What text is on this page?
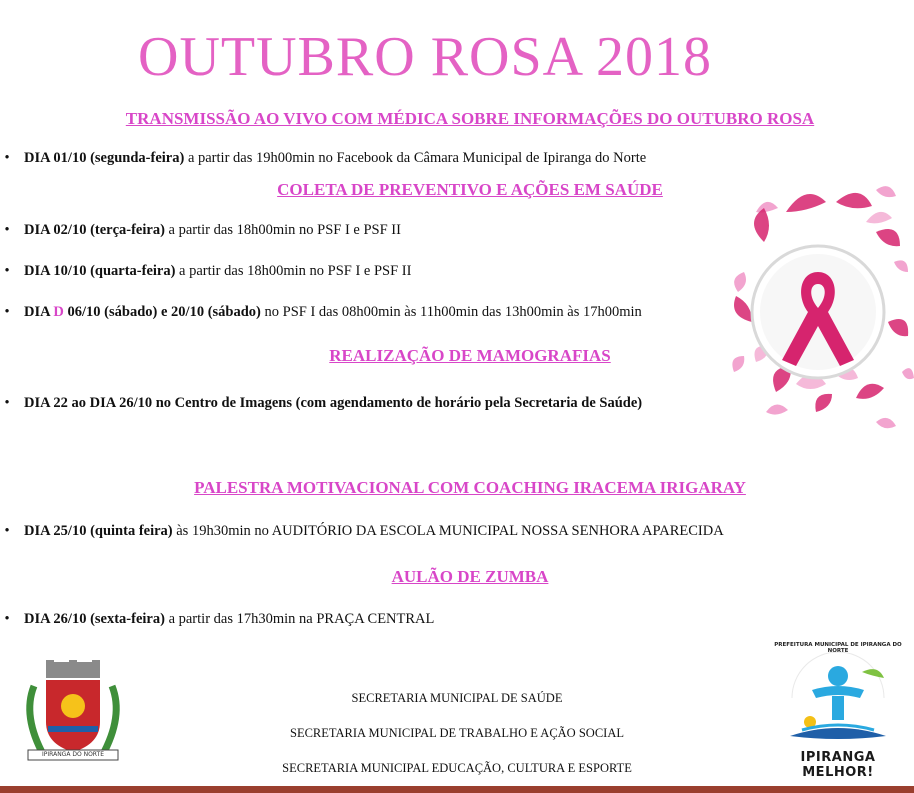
OUTUBRO ROSA 2018
TRANSMISSÃO AO VIVO COM MÉDICA SOBRE INFORMAÇÕES DO OUTUBRO ROSA
• DIA 01/10 (segunda-feira) a partir das 19h00min no Facebook da Câmara Municipal de Ipiranga do Norte
COLETA DE PREVENTIVO E AÇÕES EM SAÚDE
• DIA 02/10 (terça-feira) a partir das 18h00min no PSF I e PSF II
• DIA 10/10 (quarta-feira) a partir das 18h00min no PSF I e PSF II
• DIA D 06/10 (sábado) e 20/10 (sábado) no PSF I das 08h00min às 11h00min das 13h00min às 17h00min
REALIZAÇÃO DE MAMOGRAFIAS
• DIA 22 ao DIA 26/10 no Centro de Imagens (com agendamento de horário pela Secretaria de Saúde)
PALESTRA MOTIVACIONAL COM COACHING IRACEMA IRIGARAY
• DIA 25/10 (quinta feira) às 19h30min no AUDITÓRIO DA ESCOLA MUNICIPAL NOSSA SENHORA APARECIDA
AULÃO DE ZUMBA
• DIA 26/10 (sexta-feira) a partir das 17h30min na PRAÇA CENTRAL
IPIRANGA DO NORTE
SECRETARIA MUNICIPAL DE SAÚDE
SECRETARIA MUNICIPAL DE TRABALHO E AÇÃO SOCIAL
SECRETARIA MUNICIPAL EDUCAÇÃO, CULTURA E ESPORTE
PREFEITURA MUNICIPAL DE IPIRANGA DO NORTE
IPIRANGA MELHOR!
